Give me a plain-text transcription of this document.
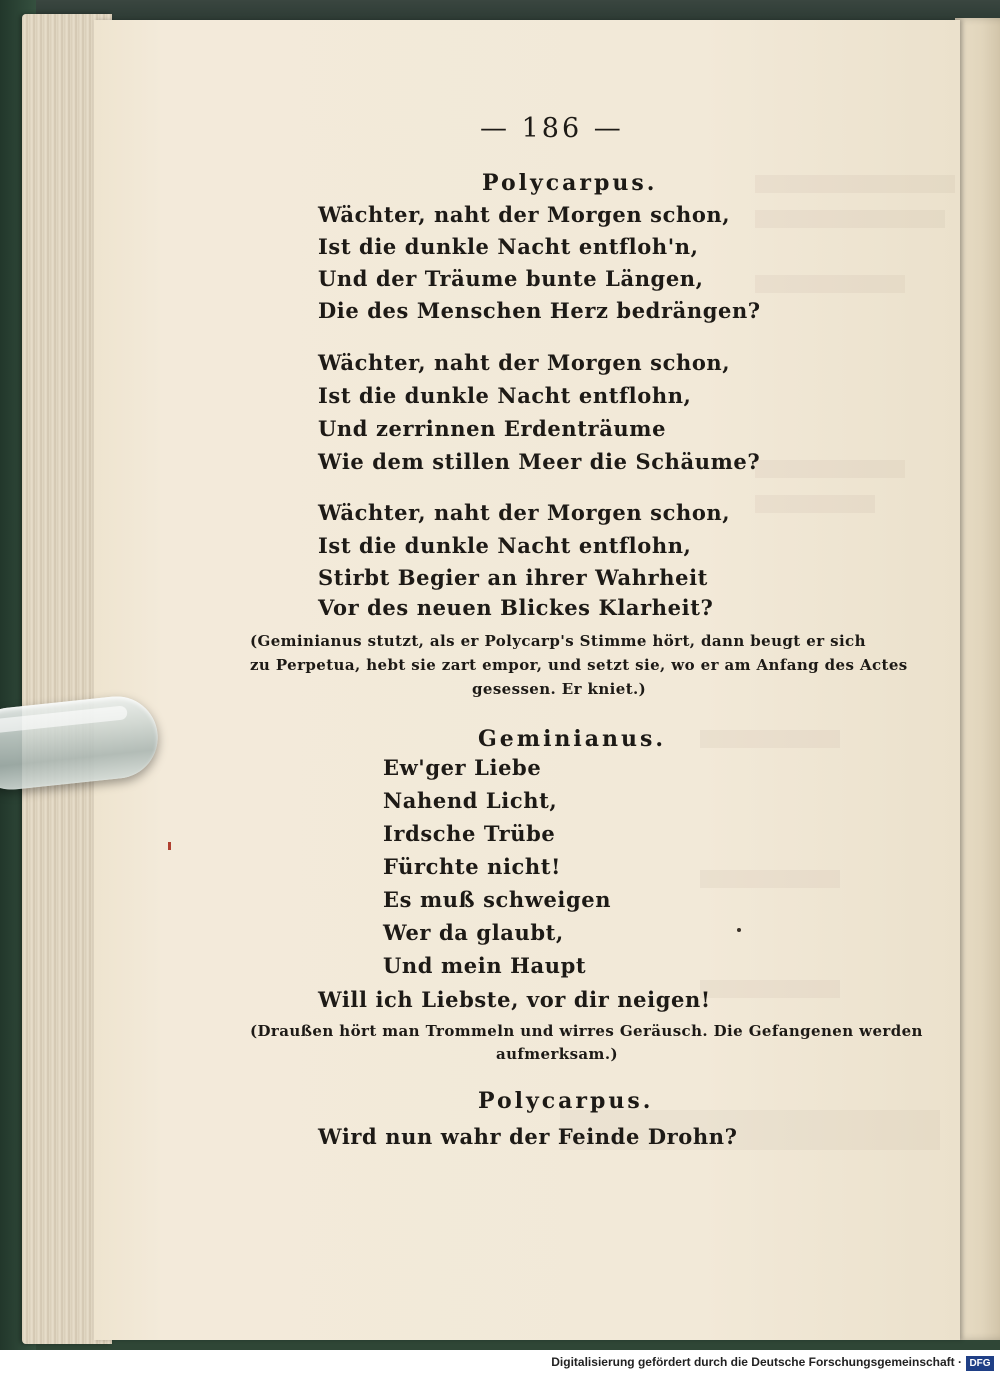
— 186 —
Polycarpus.
Wächter, naht der Morgen schon,
Ist die dunkle Nacht entfloh'n,
Und der Träume bunte Längen,
Die des Menschen Herz bedrängen?
Wächter, naht der Morgen schon,
Ist die dunkle Nacht entflohn,
Und zerrinnen Erdenträume
Wie dem stillen Meer die Schäume?
Wächter, naht der Morgen schon,
Ist die dunkle Nacht entflohn,
Stirbt Begier an ihrer Wahrheit
Vor des neuen Blickes Klarheit?
(Geminianus stutzt, als er Polycarp's Stimme hört, dann beugt er sich
zu Perpetua, hebt sie zart empor, und setzt sie, wo er am Anfang des Actes
gesessen. Er kniet.)
Geminianus.
Ew'ger Liebe
Nahend Licht,
Irdsche Trübe
Fürchte nicht!
Es muß schweigen
Wer da glaubt,
Und mein Haupt
Will ich Liebste, vor dir neigen!
(Draußen hört man Trommeln und wirres Geräusch. Die Gefangenen werden
aufmerksam.)
Polycarpus.
Wird nun wahr der Feinde Drohn?
Digitalisierung gefördert durch die Deutsche Forschungsgemeinschaft · DFG
